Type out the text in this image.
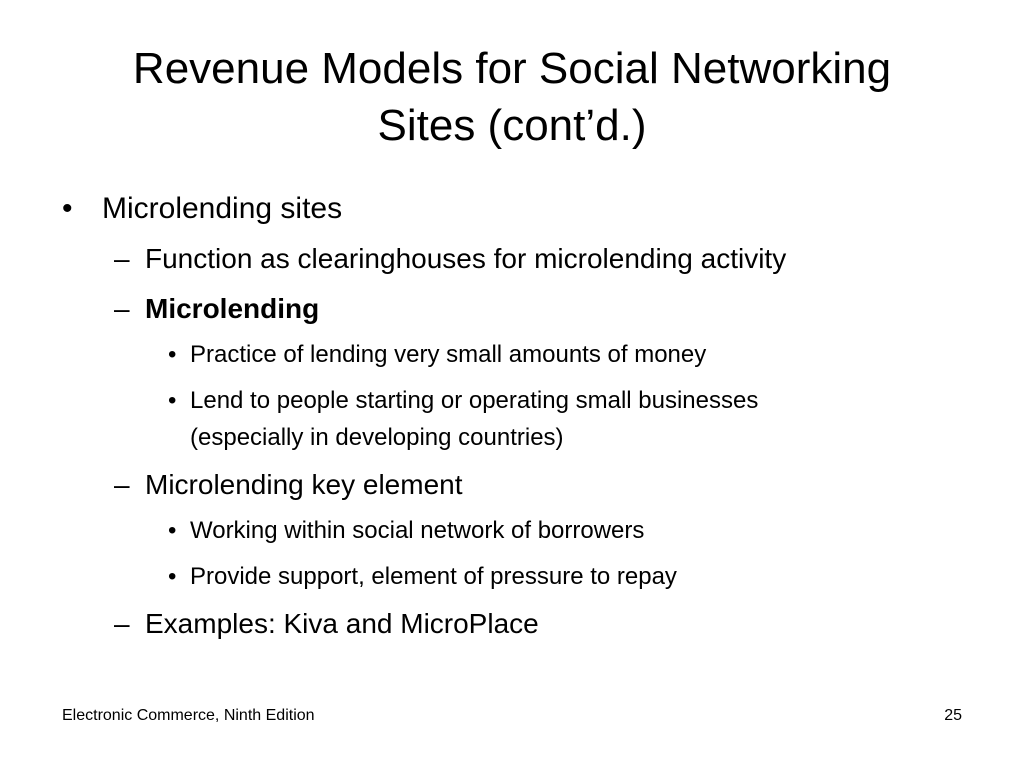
Revenue Models for Social Networking
Sites (cont’d.)
• Microlending sites
– Function as clearinghouses for microlending activity
– Microlending
• Practice of lending very small amounts of money
• Lend to people starting or operating small businesses
(especially in developing countries)
– Microlending key element
• Working within social network of borrowers
• Provide support, element of pressure to repay
– Examples: Kiva and MicroPlace
Electronic Commerce, Ninth Edition	25
